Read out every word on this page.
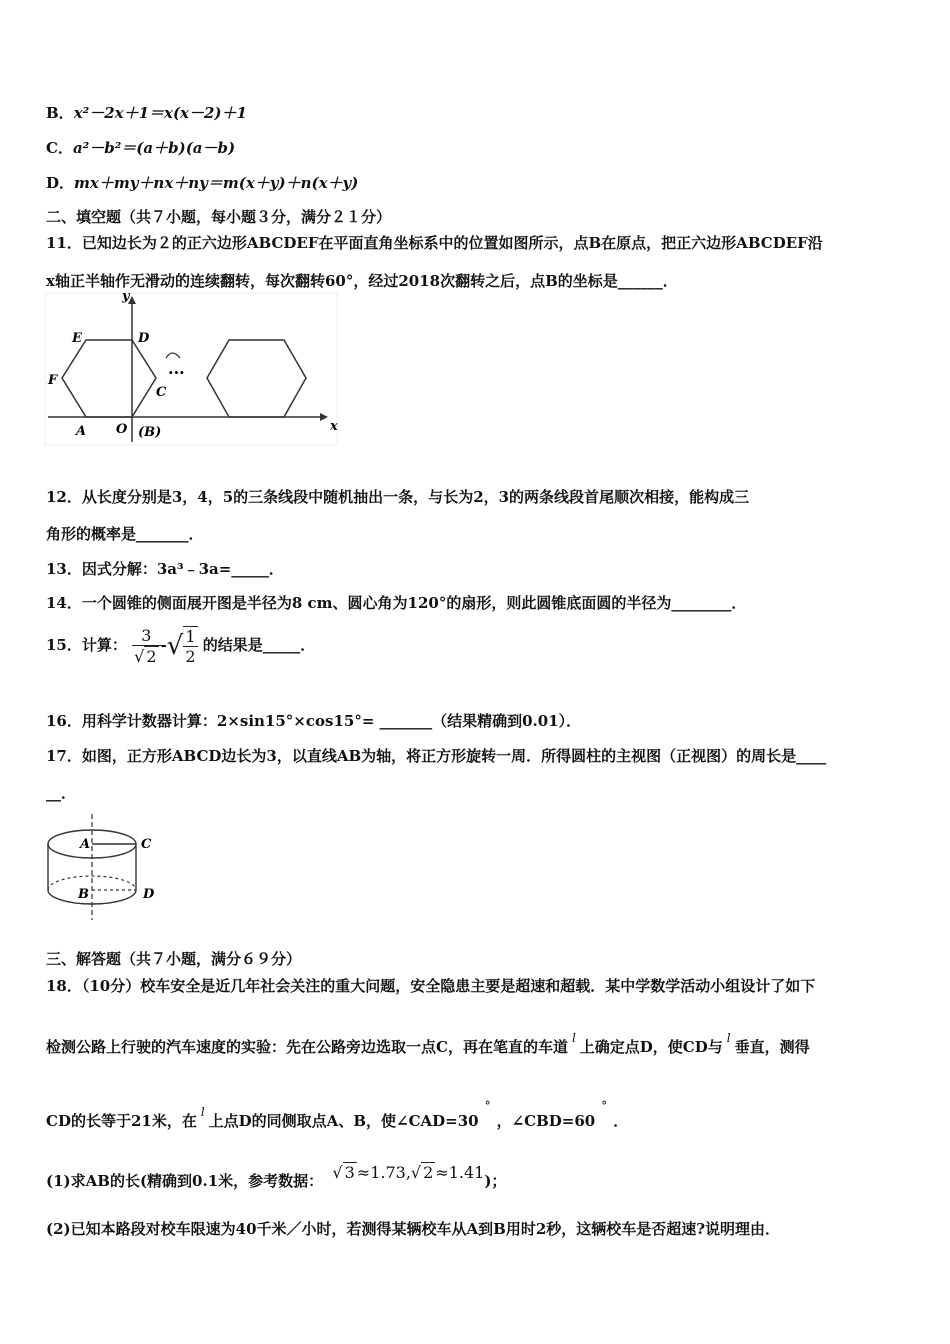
B．x²－2x＋1＝x(x－2)＋1
C．a²－b²＝(a＋b)(a－b)
D．mx＋my＋nx＋ny＝m(x＋y)＋n(x＋y)
二、填空题（共７小题，每小题３分，满分２１分）
11．已知边长为２的正六边形ABCDEF在平面直角坐标系中的位置如图所示，点B在原点，把正六边形ABCDEF沿
x轴正半轴作无滑动的连续翻转，每次翻转60°，经过2018次翻转之后，点B的坐标是______．
y
x
E	D
F
C
A O (B)
···
12．从长度分别是3，4，5的三条线段中随机抽出一条，与长为2，3的两条线段首尾顺次相接，能构成三
角形的概率是_______．
13．因式分解：3a³﹣3a=_____．
14．一个圆锥的侧面展开图是半径为8 cm、圆心角为120°的扇形，则此圆锥底面圆的半径为________．
15．计算： $\frac{3}{√ 2}$ -√ $\frac{1}{2}$ 的结果是_____．
16．用科学计数器计算：2×sin15°×cos15°= _______（结果精确到0.01）．
17．如图，正方形ABCD边长为3，以直线AB为轴，将正方形旋转一周．所得圆柱的主视图（正视图）的周长是____
__．
A	C
B	D
三、解答题（共７小题，满分６９分）
18．（10分）校车安全是近几年社会关注的重大问题，安全隐患主要是超速和超载．某中学数学活动小组设计了如下
检测公路上行驶的汽车速度的实验：先在公路旁边选取一点C，再在笔直的车道 $^l$ 上确定点D，使CD与 $^l$ 垂直，测得
CD的长等于21米，在 $^l$ 上点D的同侧取点A、B，使∠CAD=30°，∠CBD=60°．
(1)求AB的长(精确到0.1米，参考数据： √ 3 ≈1.73,√ 2 ≈1.41)；
(2)已知本路段对校车限速为40千米／小时，若测得某辆校车从A到B用时2秒，这辆校车是否超速?说明理由．
